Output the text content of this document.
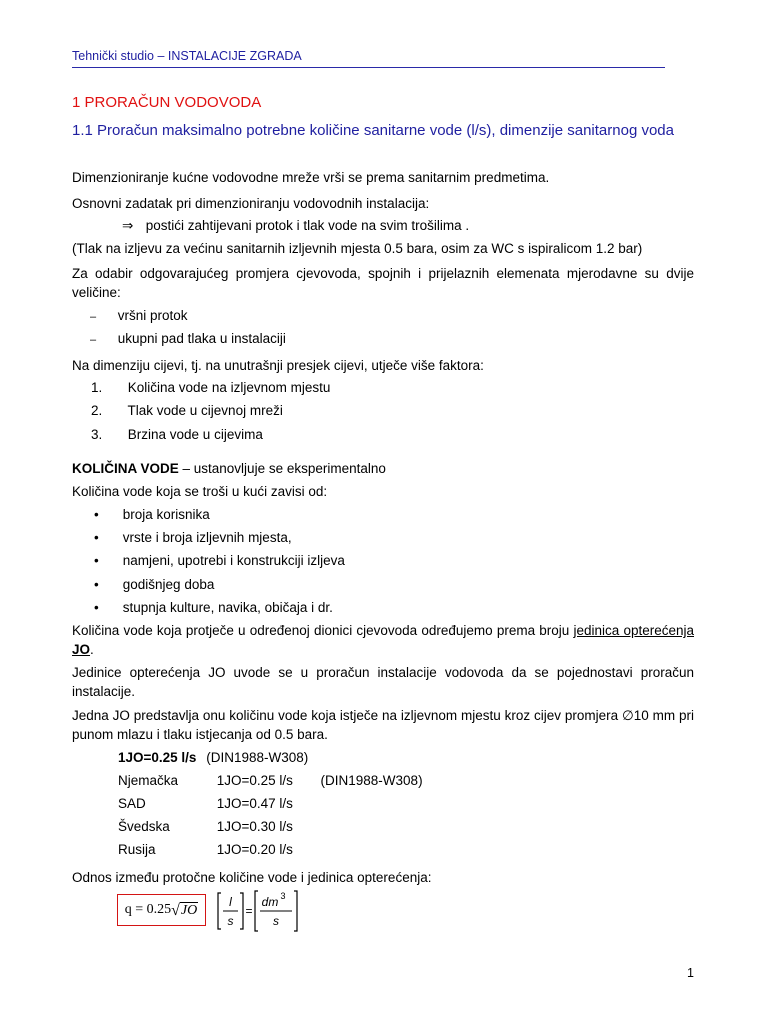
Tehnički studio – INSTALACIJE ZGRADA
1 PRORAČUN VODOVODA
1.1 Proračun maksimalno potrebne količine sanitarne vode (l/s), dimenzije sanitarnog voda
Dimenzioniranje kućne vodovodne mreže vrši se prema sanitarnim predmetima.
Osnovni zadatak pri dimenzioniranju vodovodnih instalacija:
⇒ postići zahtijevani protok i tlak vode na svim trošilima .
(Tlak na izljevu za većinu sanitarnih izljevnih mjesta 0.5 bara, osim za WC s ispiralicom 1.2 bar)
Za odabir odgovarajućeg promjera cjevovoda, spojnih i prijelaznih elemenata mjerodavne su dvije veličine:
– vršni protok
– ukupni pad tlaka u instalaciji
Na dimenziju cijevi, tj. na unutrašnji presjek cijevi, utječe više faktora:
1. Količina vode na izljevnom mjestu
2. Tlak vode u cijevnoj mreži
3. Brzina vode u cijevima
KOLIČINA VODE – ustanovljuje se eksperimentalno
Količina vode koja se troši u kući zavisi od:
• broja korisnika
• vrste i broja izljevnih mjesta,
• namjeni, upotrebi i konstrukciji izljeva
• godišnjeg doba
• stupnja kulture, navika, običaja i dr.
Količina vode koja protječe u određenoj dionici cjevovoda određujemo prema broju jedinica opterećenja JO.
Jedinice opterećenja JO uvode se u proračun instalacije vodovoda da se pojednostavi proračun instalacije.
Jedna JO predstavlja onu količinu vode koja istječe na izljevnom mjestu kroz cijev promjera ∅10 mm pri punom mlazu i tlaku istjecanja od 0.5 bara.
1JO=0.25 l/s (DIN1988-W308)
Njemačka	1JO=0.25 l/s (DIN1988-W308)
SAD	1JO=0.47 l/s
Švedska	1JO=0.30 l/s
Rusija	1JO=0.20 l/s
Odnos između protočne količine vode i jedinica opterećenja:
q = 0.25 √ JO
l
s
=
dm 3
s
1
